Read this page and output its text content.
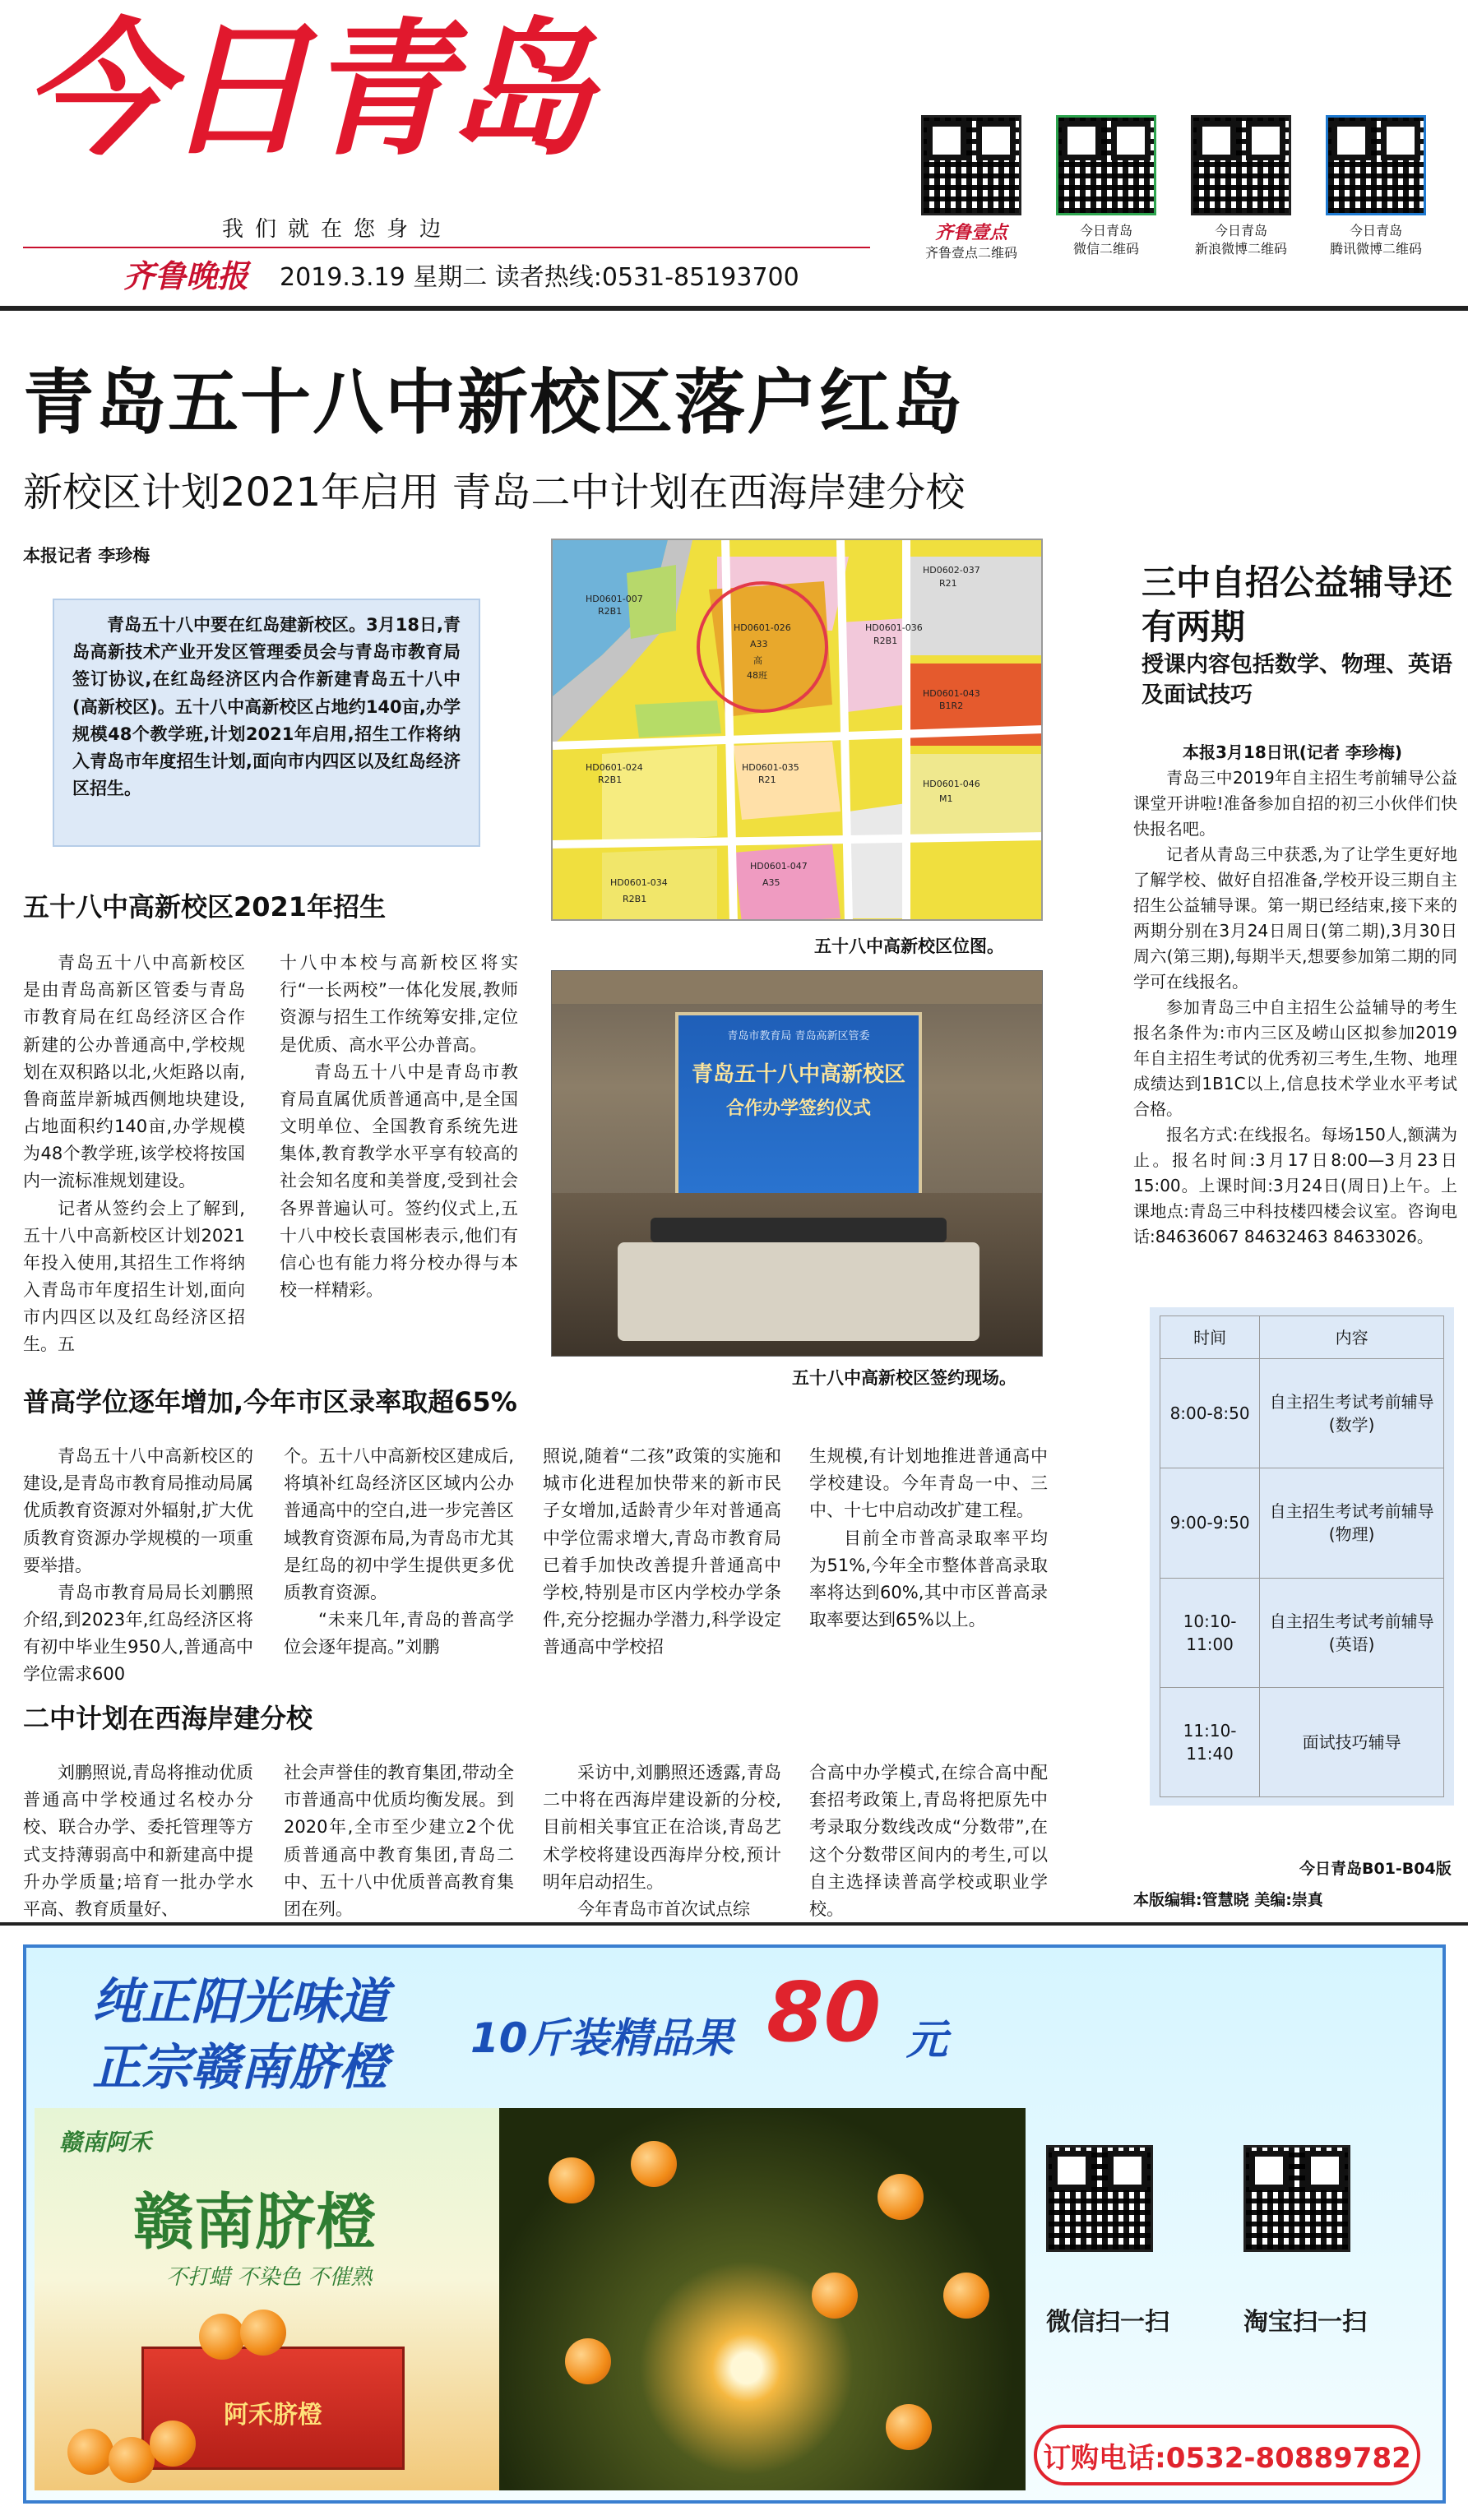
今日青岛
我们就在您身边
齐鲁晚报 2019.3.19 星期二 读者热线:0531-85193700
齐鲁壹点
齐鲁壹点二维码
今日青岛
微信二维码
今日青岛
新浪微博二维码
今日青岛
腾讯微博二维码
青岛五十八中新校区落户红岛
新校区计划2021年启用 青岛二中计划在西海岸建分校
本报记者 李珍梅
青岛五十八中要在红岛建新校区。3月18日,青岛高新技术产业开发区管理委员会与青岛市教育局签订协议,在红岛经济区内合作新建青岛五十八中(高新校区)。五十八中高新校区占地约140亩,办学规模48个教学班,计划2021年启用,招生工作将纳入青岛市年度招生计划,面向市内四区以及红岛经济区招生。
五十八中高新校区2021年招生

青岛五十八中高新校区是由青岛高新区管委与青岛市教育局在红岛经济区合作新建的公办普通高中,学校规划在双积路以北,火炬路以南,鲁商蓝岸新城西侧地块建设,占地面积约140亩,办学规模为48个教学班,该学校将按国内一流标准规划建设。

记者从签约会上了解到,五十八中高新校区计划2021年投入使用,其招生工作将纳入青岛市年度招生计划,面向市内四区以及红岛经济区招生。五

十八中本校与高新校区将实行“一长两校”一体化发展,教师资源与招生工作统筹安排,定位是优质、高水平公办普高。

青岛五十八中是青岛市教育局直属优质普通高中,是全国文明单位、全国教育系统先进集体,教育教学水平享有较高的社会知名度和美誉度,受到社会各界普遍认可。签约仪式上,五十八中校长袁国彬表示,他们有信心也有能力将分校办得与本校一样精彩。

HD0601-007
R2B1
HD0601-026
A33
高
48班
HD0601-036
R2B1
HD0601-043
B1R2
HD0601-024
R2B1
HD0601-035
R21	HD0601-046
M1
HD0601-047
A35
HD0601-034
R2B1
HD0602-037
R21
五十八中高新校区位图。
青岛市教育局 青岛高新区管委
青岛五十八中高新校区
合作办学签约仪式
五十八中高新校区签约现场。
普高学位逐年增加,今年市区录率取超65%

青岛五十八中高新校区的建设,是青岛市教育局推动局属优质教育资源对外辐射,扩大优质教育资源办学规模的一项重要举措。

青岛市教育局局长刘鹏照介绍,到2023年,红岛经济区将有初中毕业生950人,普通高中学位需求600

个。五十八中高新校区建成后,将填补红岛经济区区域内公办普通高中的空白,进一步完善区域教育资源布局,为青岛市尤其是红岛的初中学生提供更多优质教育资源。

“未来几年,青岛的普高学位会逐年提高。”刘鹏

照说,随着“二孩”政策的实施和城市化进程加快带来的新市民子女增加,适龄青少年对普通高中学位需求增大,青岛市教育局已着手加快改善提升普通高中学校,特别是市区内学校办学条件,充分挖掘办学潜力,科学设定普通高中学校招

生规模,有计划地推进普通高中学校建设。今年青岛一中、三中、十七中启动改扩建工程。

目前全市普高录取率平均为51%,今年全市整体普高录取率将达到60%,其中市区普高录取率要达到65%以上。

二中计划在西海岸建分校

刘鹏照说,青岛将推动优质普通高中学校通过名校办分校、联合办学、委托管理等方式支持薄弱高中和新建高中提升办学质量;培育一批办学水平高、教育质量好、

社会声誉佳的教育集团,带动全市普通高中优质均衡发展。到2020年,全市至少建立2个优质普通高中教育集团,青岛二中、五十八中优质普高教育集团在列。

采访中,刘鹏照还透露,青岛二中将在西海岸建设新的分校,目前相关事宜正在洽谈,青岛艺术学校将建设西海岸分校,预计明年启动招生。

今年青岛市首次试点综

合高中办学模式,在综合高中配套招考政策上,青岛将把原先中考录取分数线改成“分数带”,在这个分数带区间内的考生,可以自主选择读普高学校或职业学校。

三中自招公益辅导还有两期
授课内容包括数学、物理、英语及面试技巧

本报3月18日讯(记者 李珍梅)

青岛三中2019年自主招生考前辅导公益课堂开讲啦!准备参加自招的初三小伙伴们快快报名吧。

记者从青岛三中获悉,为了让学生更好地了解学校、做好自招准备,学校开设三期自主招生公益辅导课。第一期已经结束,接下来的两期分别在3月24日周日(第二期),3月30日周六(第三期),每期半天,想要参加第二期的同学可在线报名。

参加青岛三中自主招生公益辅导的考生报名条件为:市内三区及崂山区拟参加2019年自主招生考试的优秀初三考生,生物、地理成绩达到1B1C以上,信息技术学业水平考试合格。

报名方式:在线报名。每场150人,额满为止。报名时间:3月17日8:00—3月23日15:00。上课时间:3月24日(周日)上午。上课地点:青岛三中科技楼四楼会议室。咨询电话:84636067 84632463 84633026。

时间	内容
8:00-8:50	自主招生考试考前辅导(数学)
9:00-9:50	自主招生考试考前辅导(物理)
10:10-11:00	自主招生考试考前辅导(英语)
11:10-11:40	面试技巧辅导
今日青岛B01-B04版
本版编辑:管慧晓 美编:崇真
纯正阳光味道
正宗赣南脐橙
10斤装精品果 80 元
赣南阿禾
赣南脐橙
不打蜡 不染色 不催熟
阿禾脐橙
微信扫一扫	淘宝扫一扫
订购电话:0532-80889782
